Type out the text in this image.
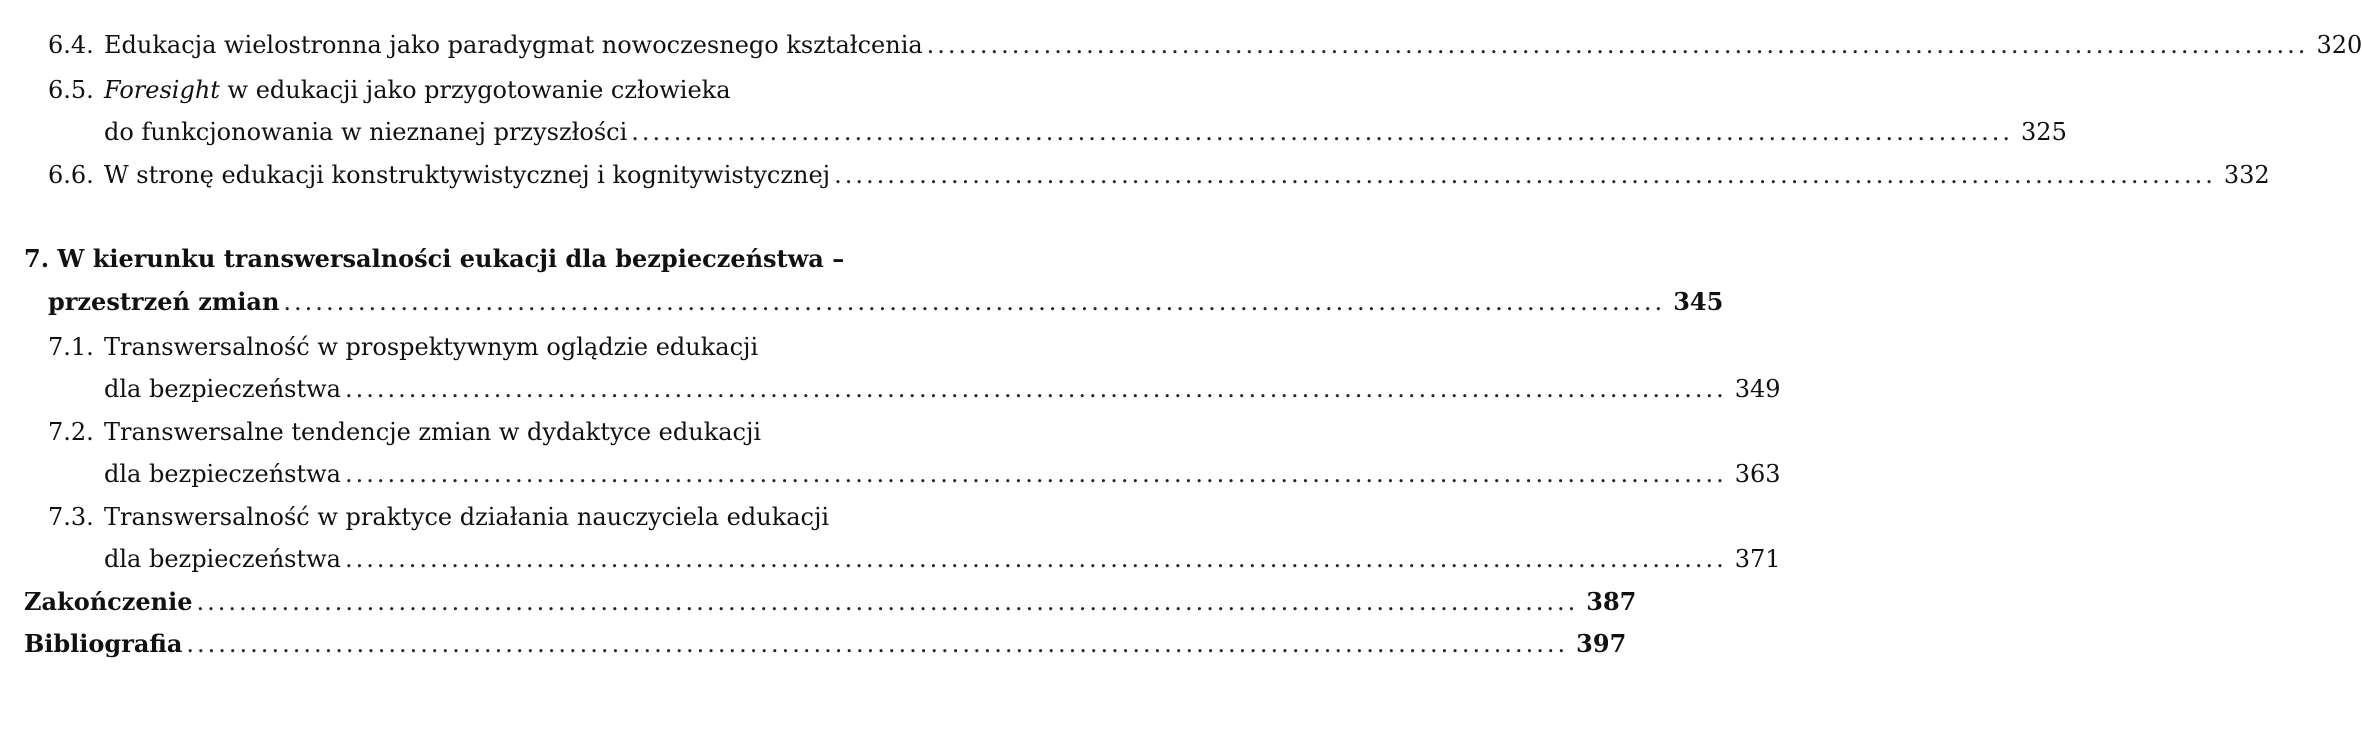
6.4. Edukacja wielostronna jako paradygmat nowoczesnego kształcenia .................................................................................................................................. 320
6.5. Foresight w edukacji jako przygotowanie człowieka
do funkcjonowania w nieznanej przyszłości .................................................................................................................................. 325
6.6. W stronę edukacji konstruktywistycznej i kognitywistycznej .................................................................................................................................. 332
7. W kierunku transwersalności eukacji dla bezpieczeństwa –
przestrzeń zmian .................................................................................................................................. 345
7.1. Transwersalność w prospektywnym oglądzie edukacji
dla bezpieczeństwa .................................................................................................................................. 349
7.2. Transwersalne tendencje zmian w dydaktyce edukacji
dla bezpieczeństwa .................................................................................................................................. 363
7.3. Transwersalność w praktyce działania nauczyciela edukacji
dla bezpieczeństwa .................................................................................................................................. 371
Zakończenie .................................................................................................................................. 387
Bibliografia .................................................................................................................................. 397
